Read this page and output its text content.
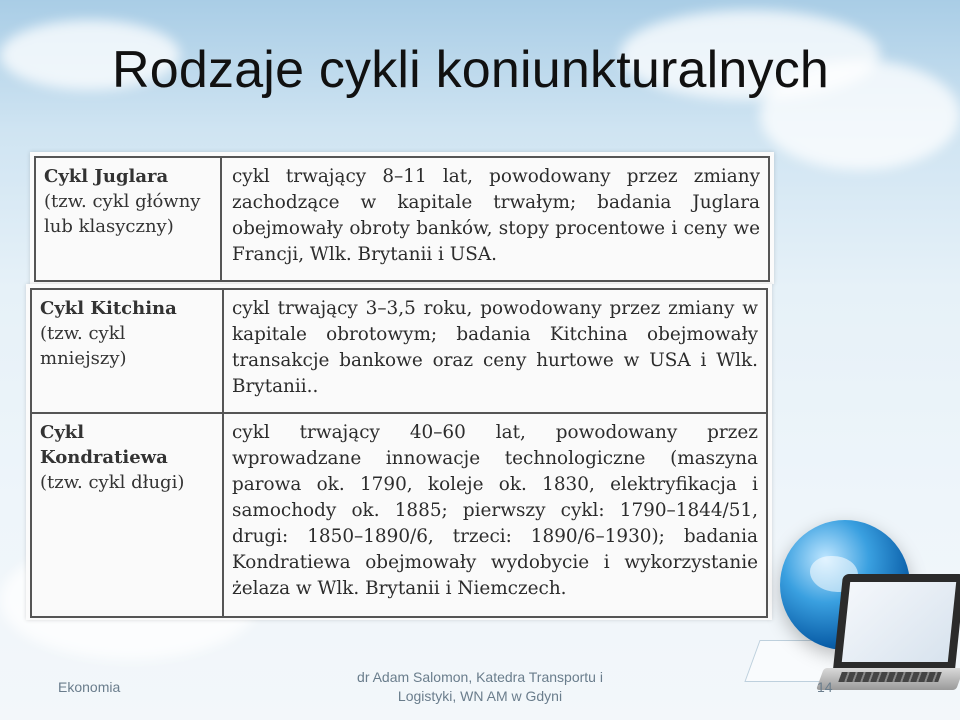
Rodzaje cykli koniunkturalnych
Cykl Juglara
(tzw. cykl główny lub klasyczny)
cykl trwający 8–11 lat, powodowany przez zmiany zachodzące w kapitale trwałym; badania Juglara obejmowały obroty banków, stopy procentowe i ceny we Francji, Wlk. Brytanii i USA.
Cykl Kitchina
(tzw. cykl mniejszy)
cykl trwający 3–3,5 roku, powodowany przez zmiany w kapitale obrotowym; badania Kitchina obejmowały transakcje bankowe oraz ceny hurtowe w USA i Wlk. Brytanii..
Cykl Kondratiewa
(tzw. cykl długi)
cykl trwający 40–60 lat, powodowany przez wprowadzane innowacje technologiczne (maszyna parowa ok. 1790, koleje ok. 1830, elektryfikacja i samochody ok. 1885; pierwszy cykl: 1790–1844/51, drugi: 1850–1890/6, trzeci: 1890/6–1930); badania Kondratiewa obejmowały wydobycie i wykorzystanie żelaza w Wlk. Brytanii i Niemczech.
Ekonomia
dr Adam Salomon, Katedra Transportu i
Logistyki, WN AM w Gdyni
14
